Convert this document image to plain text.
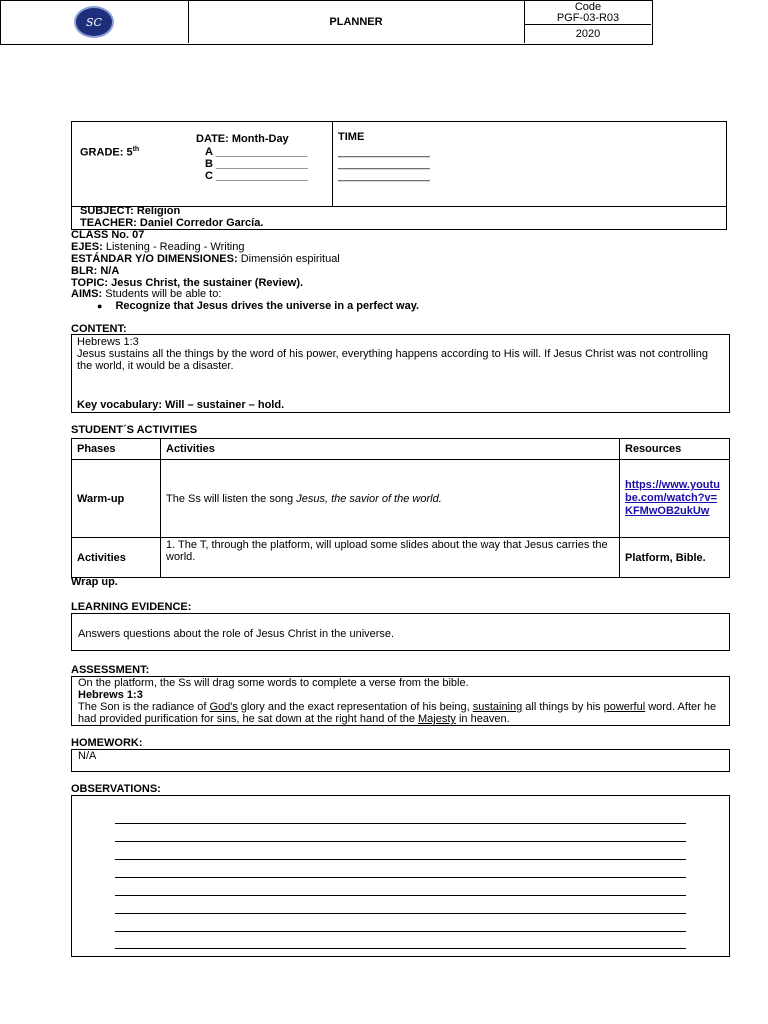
SC	PLANNER
Code
PGF-03-R03
2020
GRADE: 5th
DATE: Month-Day
A _______________
B _______________
C _______________
TIME
_______________
_______________
_______________
SUBJECT: Religion
TEACHER: Daniel Corredor García.
CLASS No. 07
EJES: Listening - Reading - Writing
ESTÁNDAR Y/O DIMENSIONES: Dimensión espiritual
BLR: N/A
TOPIC: Jesus Christ, the sustainer (Review).
AIMS: Students will be able to:
● Recognize that Jesus drives the universe in a perfect way.
CONTENT:
Hebrews 1:3
Jesus sustains all the things by the word of his power, everything happens according to His will. If Jesus Christ was not controlling the world, it would be a disaster.
Key vocabulary: Will – sustainer – hold.
STUDENT´S ACTIVITIES
Phases	Activities	Resources
Warm-up	The Ss will listen the song Jesus, the savior of the world.	https://www.youtube.com/watch?v=KFMwOB2ukUw
Activities	1. The T, through the platform, will upload some slides about the way that Jesus carries the world.	Platform, Bible.
Wrap up.
LEARNING EVIDENCE:
Answers questions about the role of Jesus Christ in the universe.
ASSESSMENT:
On the platform, the Ss will drag some words to complete a verse from the bible.
Hebrews 1:3
The Son is the radiance of God's glory and the exact representation of his being, sustaining all things by his powerful word. After he had provided purification for sins, he sat down at the right hand of the Majesty in heaven.
HOMEWORK:
N/A
OBSERVATIONS:
